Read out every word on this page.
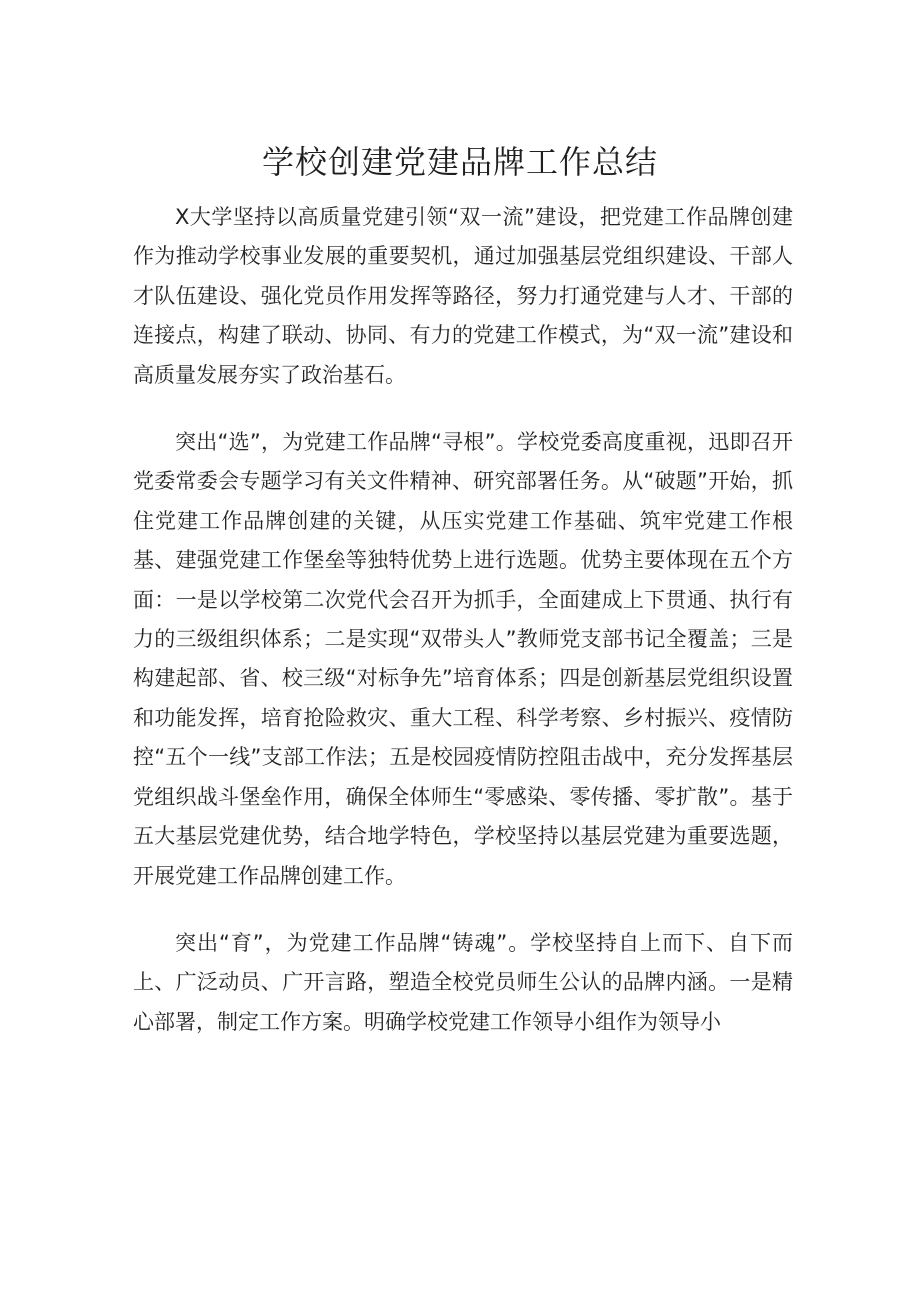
学校创建党建品牌工作总结

X大学坚持以高质量党建引领“双一流”建设，把党建工作品牌创建作为推动学校事业发展的重要契机，通过加强基层党组织建设、干部人才队伍建设、强化党员作用发挥等路径，努力打通党建与人才、干部的连接点，构建了联动、协同、有力的党建工作模式，为“双一流”建设和高质量发展夯实了政治基石。

突出“选”，为党建工作品牌“寻根”。学校党委高度重视，迅即召开党委常委会专题学习有关文件精神、研究部署任务。从“破题”开始，抓住党建工作品牌创建的关键，从压实党建工作基础、筑牢党建工作根基、建强党建工作堡垒等独特优势上进行选题。优势主要体现在五个方面：一是以学校第二次党代会召开为抓手，全面建成上下贯通、执行有力的三级组织体系；二是实现“双带头人”教师党支部书记全覆盖；三是构建起部、省、校三级“对标争先”培育体系；四是创新基层党组织设置和功能发挥，培育抢险救灾、重大工程、科学考察、乡村振兴、疫情防控“五个一线”支部工作法；五是校园疫情防控阻击战中，充分发挥基层党组织战斗堡垒作用，确保全体师生“零感染、零传播、零扩散”。基于五大基层党建优势，结合地学特色，学校坚持以基层党建为重要选题，开展党建工作品牌创建工作。

突出“育”，为党建工作品牌“铸魂”。学校坚持自上而下、自下而上、广泛动员、广开言路，塑造全校党员师生公认的品牌内涵。一是精心部署，制定工作方案。明确学校党建工作领导小组作为领导小
